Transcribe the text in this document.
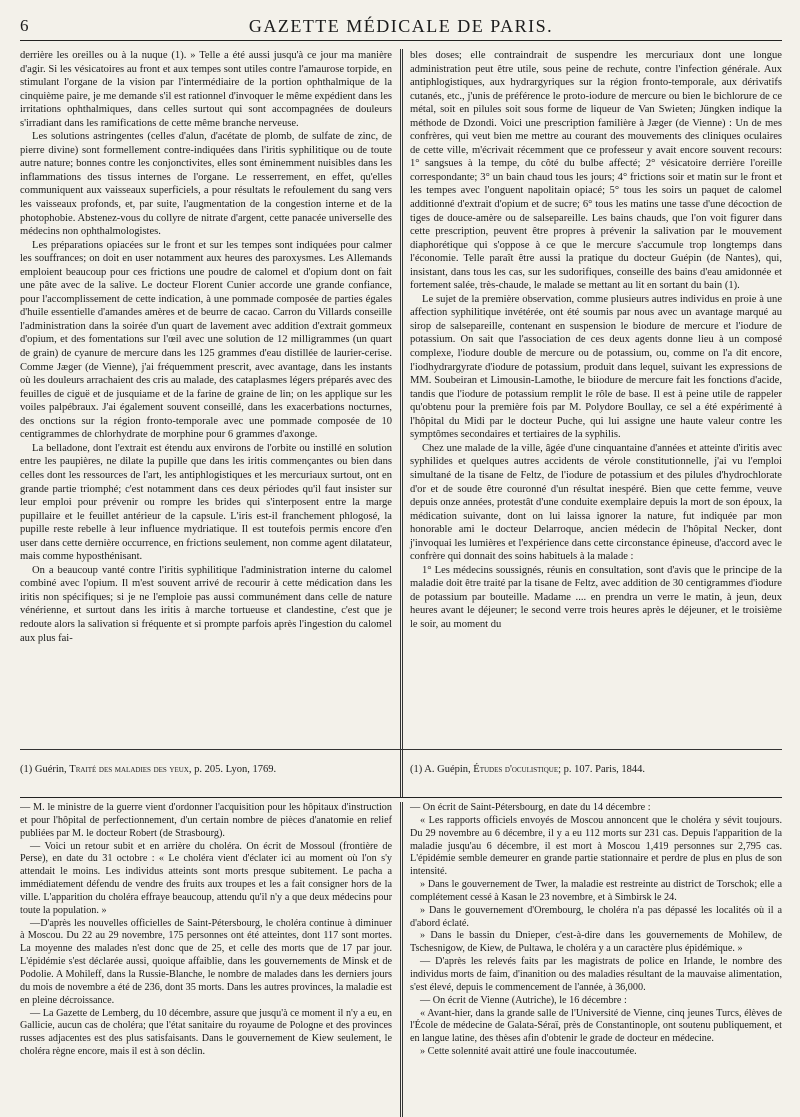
6	GAZETTE MÉDICALE DE PARIS.

derrière les oreilles ou à la nuque (1). » Telle a été aussi jusqu'à ce jour ma manière d'agir. Si les vésicatoires au front et aux tempes sont utiles contre l'amaurose torpide, en stimulant l'organe de la vision par l'intermédiaire de la portion ophthalmique de la cinquième paire, je me demande s'il est rationnel d'invoquer le même expédient dans les irritations ophthalmiques, dans celles surtout qui sont accompagnées de douleurs s'irradiant dans les ramifications de cette même branche nerveuse.

Les solutions astringentes (celles d'alun, d'acétate de plomb, de sulfate de zinc, de pierre divine) sont formellement contre-indiquées dans l'iritis syphilitique ou de toute autre nature; bonnes contre les conjonctivites, elles sont éminemment nuisibles dans les inflammations des tissus internes de l'organe. Le resserrement, en effet, qu'elles communiquent aux vaisseaux superficiels, a pour résultats le refoulement du sang vers les vaisseaux profonds, et, par suite, l'augmentation de la congestion interne et de la photophobie. Abstenez-vous du collyre de nitrate d'argent, cette panacée universelle des médecins non ophthalmologistes.

Les préparations opiacées sur le front et sur les tempes sont indiquées pour calmer les souffrances; on doit en user notamment aux heures des paroxysmes. Les Allemands emploient beaucoup pour ces frictions une poudre de calomel et d'opium dont on fait une pâte avec de la salive. Le docteur Florent Cunier accorde une grande confiance, pour l'accomplissement de cette indication, à une pommade composée de parties égales d'huile essentielle d'amandes amères et de beurre de cacao. Carron du Villards conseille l'administration dans la soirée d'un quart de lavement avec addition d'extrait gommeux d'opium, et des fomentations sur l'œil avec une solution de 12 milligrammes (un quart de grain) de cyanure de mercure dans les 125 grammes d'eau distillée de laurier-cerise. Comme Jæger (de Vienne), j'ai fréquemment prescrit, avec avantage, dans les instants où les douleurs arrachaient des cris au malade, des cataplasmes légers préparés avec des feuilles de ciguë et de jusquiame et de la farine de graine de lin; on les applique sur les voiles palpébraux. J'ai également souvent conseillé, dans les exacerbations nocturnes, des onctions sur la région fronto-temporale avec une pommade composée de 10 centigrammes de chlorhydrate de morphine pour 6 grammes d'axonge.

La belladone, dont l'extrait est étendu aux environs de l'orbite ou instillé en solution entre les paupières, ne dilate la pupille que dans les iritis commençantes ou bien dans celles dont les ressources de l'art, les antiphlogistiques et les mercuriaux surtout, ont en grande partie triomphé; c'est notamment dans ces deux périodes qu'il faut insister sur leur emploi pour prévenir ou rompre les brides qui s'interposent entre la marge pupillaire et le feuillet antérieur de la capsule. L'iris est-il franchement phlogosé, la pupille reste rebelle à leur influence mydriatique. Il est toutefois permis encore d'en user dans cette dernière occurrence, en frictions seulement, non comme agent dilatateur, mais comme hyposthénisant.

On a beaucoup vanté contre l'iritis syphilitique l'administration interne du calomel combiné avec l'opium. Il m'est souvent arrivé de recourir à cette médication dans les iritis non spécifiques; si je ne l'emploie pas aussi communément dans celle de nature vénérienne, et surtout dans les iritis à marche tortueuse et clandestine, c'est que je redoute alors la salivation si fréquente et si prompte parfois après l'ingestion du calomel aux plus fai-

bles doses; elle contraindrait de suspendre les mercuriaux dont une longue administration peut être utile, sous peine de rechute, contre l'infection générale. Aux antiphlogistiques, aux hydrargyriques sur la région fronto-temporale, aux dérivatifs cutanés, etc., j'unis de préférence le proto-iodure de mercure ou bien le bichlorure de ce métal, soit en pilules soit sous forme de liqueur de Van Swieten; Jüngken indique la méthode de Dzondi. Voici une prescription familière à Jæger (de Vienne) : Un de mes confrères, qui veut bien me mettre au courant des mouvements des cliniques oculaires de cette ville, m'écrivait récemment que ce professeur y avait encore souvent recours: 1° sangsues à la tempe, du côté du bulbe affecté; 2° vésicatoire derrière l'oreille correspondante; 3° un bain chaud tous les jours; 4° frictions soir et matin sur le front et les tempes avec l'onguent napolitain opiacé; 5° tous les soirs un paquet de calomel additionné d'extrait d'opium et de sucre; 6° tous les matins une tasse d'une décoction de tiges de douce-amère ou de salsepareille. Les bains chauds, que l'on voit figurer dans cette prescription, peuvent être propres à prévenir la salivation par le mouvement diaphorétique qui s'oppose à ce que le mercure s'accumule trop longtemps dans l'économie. Telle paraît être aussi la pratique du docteur Guépin (de Nantes), qui, insistant, dans tous les cas, sur les sudorifiques, conseille des bains d'eau amidonnée et fortement salée, très-chaude, le malade se mettant au lit en sortant du bain (1).

Le sujet de la première observation, comme plusieurs autres individus en proie à une affection syphilitique invétérée, ont été soumis par nous avec un avantage marqué au sirop de salsepareille, contenant en suspension le biodure de mercure et l'iodure de potassium. On sait que l'association de ces deux agents donne lieu à un composé complexe, l'iodure double de mercure ou de potassium, ou, comme on l'a dit encore, l'iodhydrargyrate d'iodure de potassium, produit dans lequel, suivant les expressions de MM. Soubeiran et Limousin-Lamothe, le biiodure de mercure fait les fonctions d'acide, tandis que l'iodure de potassium remplit le rôle de base. Il est à peine utile de rappeler qu'obtenu pour la première fois par M. Polydore Boullay, ce sel a été expérimenté à l'hôpital du Midi par le docteur Puche, qui lui assigne une haute valeur contre les symptômes secondaires et tertiaires de la syphilis.

Chez une malade de la ville, âgée d'une cinquantaine d'années et atteinte d'iritis avec syphilides et quelques autres accidents de vérole constitutionnelle, j'ai vu l'emploi simultané de la tisane de Feltz, de l'iodure de potassium et des pilules d'hydrochlorate d'or et de soude être couronné d'un résultat inespéré. Bien que cette femme, veuve depuis onze années, protestât d'une conduite exemplaire depuis la mort de son époux, la médication suivante, dont on lui laissa ignorer la nature, fut indiquée par mon honorable ami le docteur Delarroque, ancien médecin de l'hôpital Necker, dont j'invoquai les lumières et l'expérience dans cette circonstance épineuse, d'accord avec le confrère qui donnait des soins habituels à la malade :

1° Les médecins soussignés, réunis en consultation, sont d'avis que le principe de la maladie doit être traité par la tisane de Feltz, avec addition de 30 centigrammes d'iodure de potassium par bouteille. Madame .... en prendra un verre le matin, à jeun, deux heures avant le déjeuner; le second verre trois heures après le déjeuner, et le troisième le soir, au moment du

(1) Guérin, Traité des maladies des yeux, p. 205. Lyon, 1769.	(1) A. Guépin, Études d'oculistique; p. 107. Paris, 1844.

— M. le ministre de la guerre vient d'ordonner l'acquisition pour les hôpitaux d'instruction et pour l'hôpital de perfectionnement, d'un certain nombre de pièces d'anatomie en relief publiées par M. le docteur Robert (de Strasbourg).

— Voici un retour subit et en arrière du choléra. On écrit de Mossoul (frontière de Perse), en date du 31 octobre : « Le choléra vient d'éclater ici au moment où l'on s'y attendait le moins. Les individus atteints sont morts presque subitement. Le pacha a immédiatement défendu de vendre des fruits aux troupes et les a fait consigner hors de la ville. L'apparition du choléra effraye beaucoup, attendu qu'il n'y a que deux médecins pour toute la population. »

—D'après les nouvelles officielles de Saint-Pétersbourg, le choléra continue à diminuer à Moscou. Du 22 au 29 novembre, 175 personnes ont été atteintes, dont 117 sont mortes. La moyenne des malades n'est donc que de 25, et celle des morts que de 17 par jour. L'épidémie s'est déclarée aussi, quoique affaiblie, dans les gouvernements de Minsk et de Podolie. A Mohileff, dans la Russie-Blanche, le nombre de malades dans les derniers jours du mois de novembre a été de 236, dont 35 morts. Dans les autres provinces, la maladie est en pleine décroissance.

— La Gazette de Lemberg, du 10 décembre, assure que jusqu'à ce moment il n'y a eu, en Gallicie, aucun cas de choléra; que l'état sanitaire du royaume de Pologne et des provinces russes adjacentes est des plus satisfaisants. Dans le gouvernement de Kiew seulement, le choléra règne encore, mais il est à son déclin.

— On écrit de Saint-Pétersbourg, en date du 14 décembre :

« Les rapports officiels envoyés de Moscou annoncent que le choléra y sévit toujours. Du 29 novembre au 6 décembre, il y a eu 112 morts sur 231 cas. Depuis l'apparition de la maladie jusqu'au 6 décembre, il est mort à Moscou 1,419 personnes sur 2,795 cas. L'épidémie semble demeurer en grande partie stationnaire et perdre de plus en plus de son intensité.

» Dans le gouvernement de Twer, la maladie est restreinte au district de Torschok; elle a complétement cessé à Kasan le 23 novembre, et à Simbirsk le 24.

» Dans le gouvernement d'Orembourg, le choléra n'a pas dépassé les localités où il a d'abord éclaté.

» Dans le bassin du Dnieper, c'est-à-dire dans les gouvernements de Mohilew, de Tschesnigow, de Kiew, de Pultawa, le choléra y a un caractère plus épidémique. »

— D'après les relevés faits par les magistrats de police en Irlande, le nombre des individus morts de faim, d'inanition ou des maladies résultant de la mauvaise alimentation, s'est élevé, depuis le commencement de l'année, à 36,000.

— On écrit de Vienne (Autriche), le 16 décembre :

« Avant-hier, dans la grande salle de l'Université de Vienne, cinq jeunes Turcs, élèves de l'École de médecine de Galata-Séraï, près de Constantinople, ont soutenu publiquement, et en langue latine, des thèses afin d'obtenir le grade de docteur en médecine.

» Cette solennité avait attiré une foule inaccoutumée.
